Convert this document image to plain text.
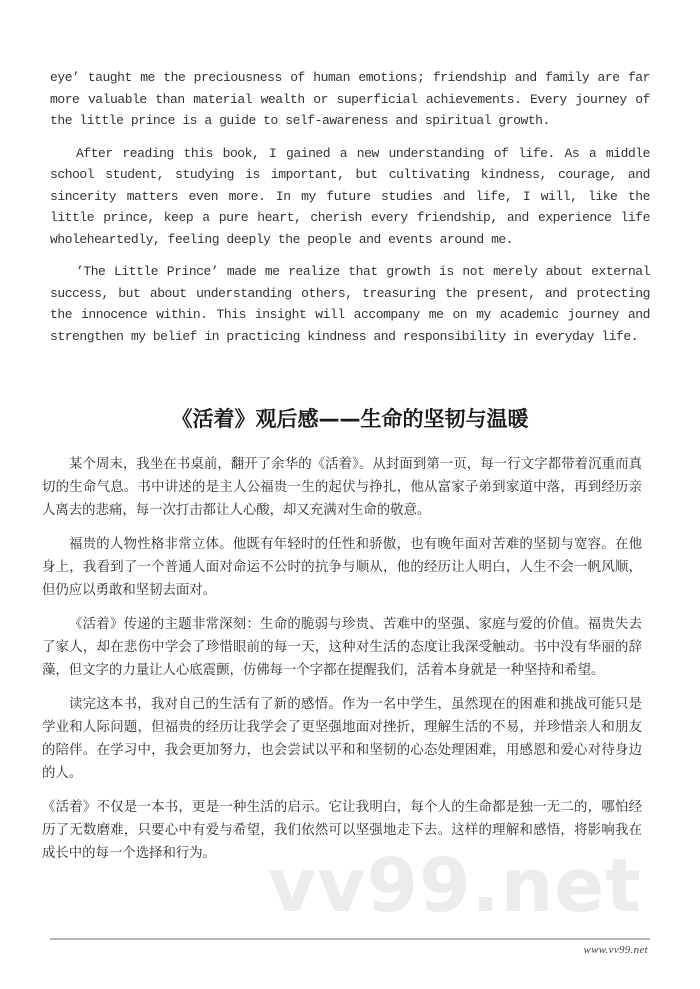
vv99.net

eye’ taught me the preciousness of human emotions; friendship and family are far more valuable than material wealth or superficial achievements. Every journey of the little prince is a guide to self-awareness and spiritual growth.

After reading this book, I gained a new understanding of life. As a middle school student, studying is important, but cultivating kindness, courage, and sincerity matters even more. In my future studies and life, I will, like the little prince, keep a pure heart, cherish every friendship, and experience life wholeheartedly, feeling deeply the people and events around me.

’The Little Prince’ made me realize that growth is not merely about external success, but about understanding others, treasuring the present, and protecting the innocence within. This insight will accompany me on my academic journey and strengthen my belief in practicing kindness and responsibility in everyday life.

《活着》观后感——生命的坚韧与温暖

某个周末，我坐在书桌前，翻开了余华的《活着》。从封面到第一页，每一行文字都带着沉重而真切的生命气息。书中讲述的是主人公福贵一生的起伏与挣扎，他从富家子弟到家道中落，再到经历亲人离去的悲痛，每一次打击都让人心酸，却又充满对生命的敬意。

福贵的人物性格非常立体。他既有年轻时的任性和骄傲，也有晚年面对苦难的坚韧与宽容。在他身上，我看到了一个普通人面对命运不公时的抗争与顺从，他的经历让人明白，人生不会一帆风顺，但仍应以勇敢和坚韧去面对。

《活着》传递的主题非常深刻：生命的脆弱与珍贵、苦难中的坚强、家庭与爱的价值。福贵失去了家人，却在悲伤中学会了珍惜眼前的每一天，这种对生活的态度让我深受触动。书中没有华丽的辞藻，但文字的力量让人心底震颤，仿佛每一个字都在提醒我们，活着本身就是一种坚持和希望。

读完这本书，我对自己的生活有了新的感悟。作为一名中学生，虽然现在的困难和挑战可能只是学业和人际问题，但福贵的经历让我学会了更坚强地面对挫折，理解生活的不易，并珍惜亲人和朋友的陪伴。在学习中，我会更加努力，也会尝试以平和和坚韧的心态处理困难，用感恩和爱心对待身边的人。

《活着》不仅是一本书，更是一种生活的启示。它让我明白，每个人的生命都是独一无二的，哪怕经历了无数磨难，只要心中有爱与希望，我们依然可以坚强地走下去。这样的理解和感悟，将影响我在成长中的每一个选择和行为。

www.vv99.net
